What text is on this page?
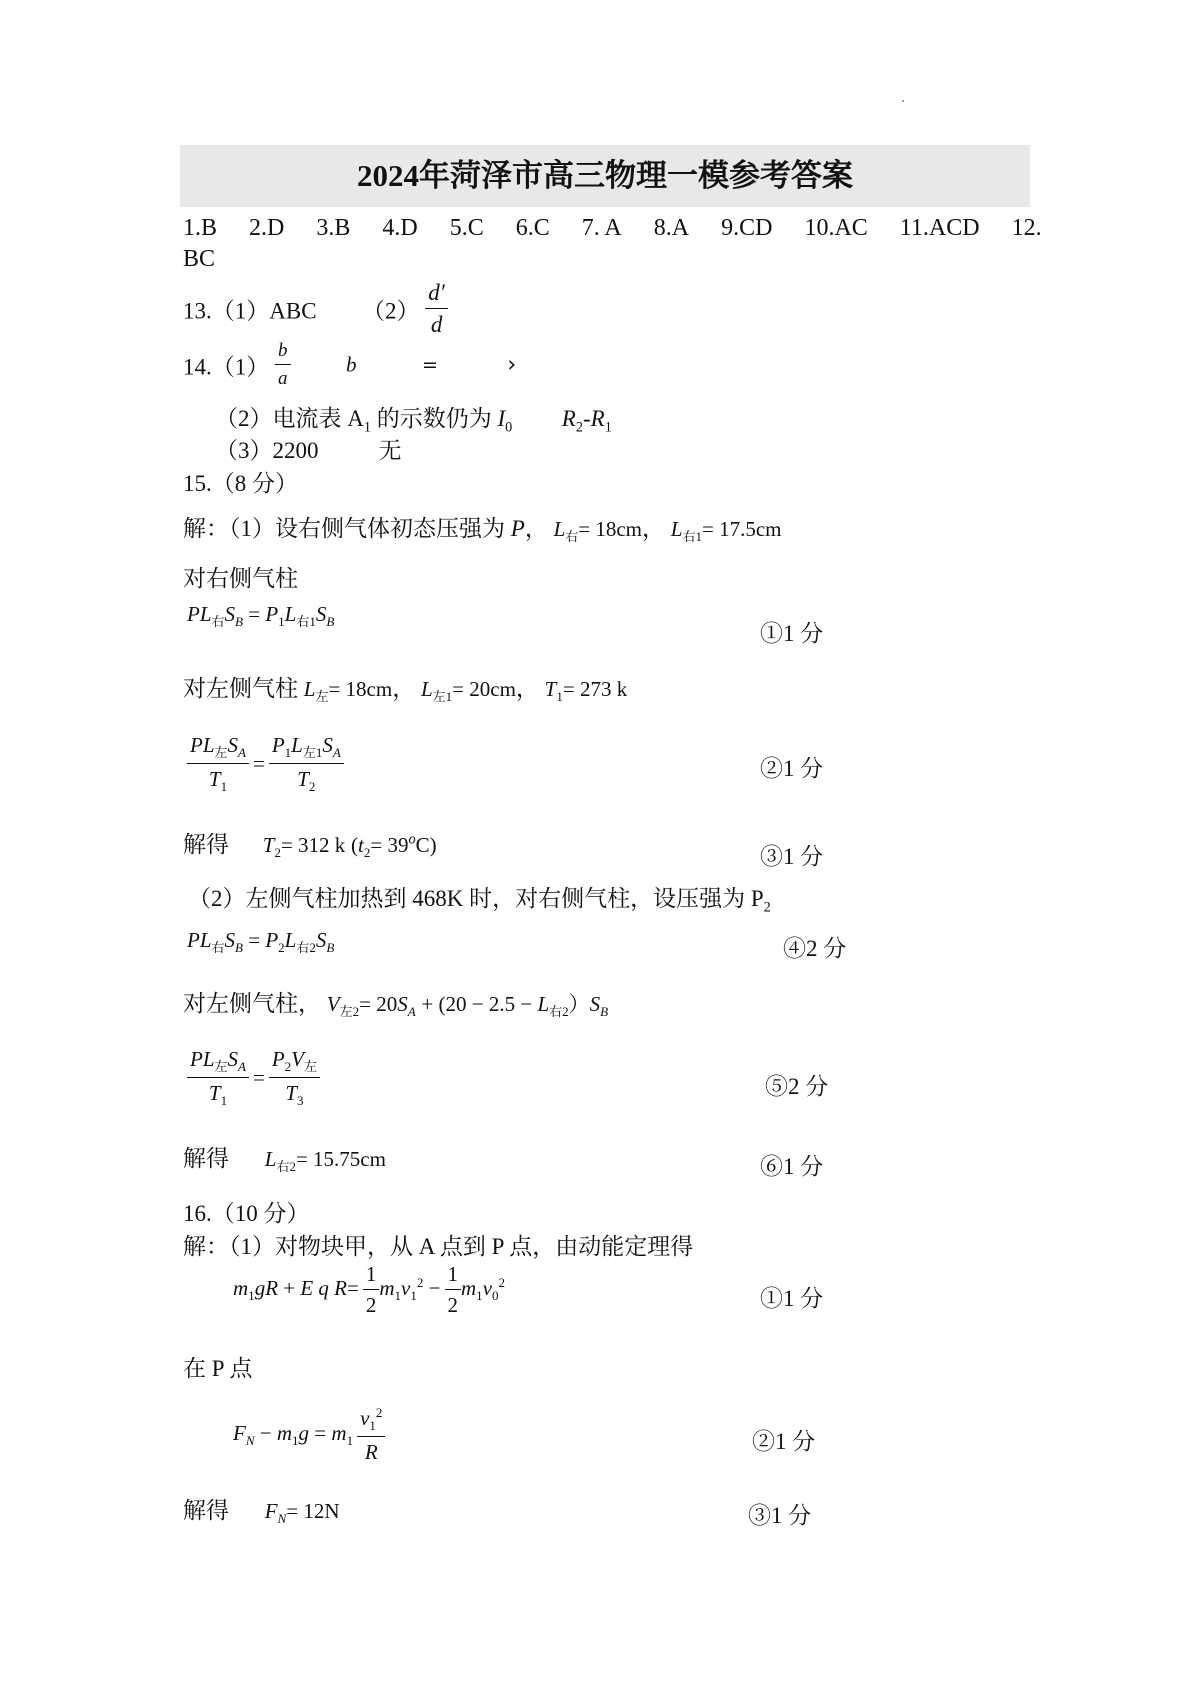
2024年菏泽市高三物理一模参考答案
1.B 2.D 3.B 4.D 5.C 6.C 7. A 8.A 9.CD 10.AC 11.ACD 12.
BC
13.（1）ABC $(2) \frac{d'}{d}$
$14.(1) \frac{b}{a}$	b	=	›
（2）电流表 $A_1$ 的示数仍为 $I_0$ $R_2-R_1$
（3）2200	无
15.（8 分）
解：（1）设右侧气体初态压强为 P， $L_右= 18cm$， $L_{右1}= 17.5cm$
对右侧气柱
$PL_右S_B = P_1L_{右1}S_B$	①1 分
对左侧气柱 $L_左= 18cm$， $L_{左1}= 20cm$， $T_1= 273$ k
$\frac{PL_左S_A}{T_1} = \frac{P_1L_{左1}S_A}{T_2}$	②1 分
解得 $T_2= 312$ k $(t_2= 39^oC)$	③1 分
（2）左侧气柱加热到 468K 时，对右侧气柱，设压强为 $P_2$
$PL_右S_B = P_2L_{右2}S_B$	④2 分
对左侧气柱， $V_{左2}= 20S_A + (20 - 2.5 - L_{右2})S_B$
$\frac{PL_左S_A}{T_1} = \frac{P_2V_左}{T_3}$	⑤2 分
解得 $L_{右2}= 15.75cm$	⑥1 分
16.（10 分）
解：（1）对物块甲，从 A 点到 P 点，由动能定理得
$m_1gR + E$ q $R= \frac{1}{2} m_1v_1^2 - \frac{1}{2} m_1v_0^2$
①1 分
在 P 点
$F_N - m_1g = m_1 \frac{v_1^2}{R}$	②1 分
解得 $F_N= 12N$	③1 分
